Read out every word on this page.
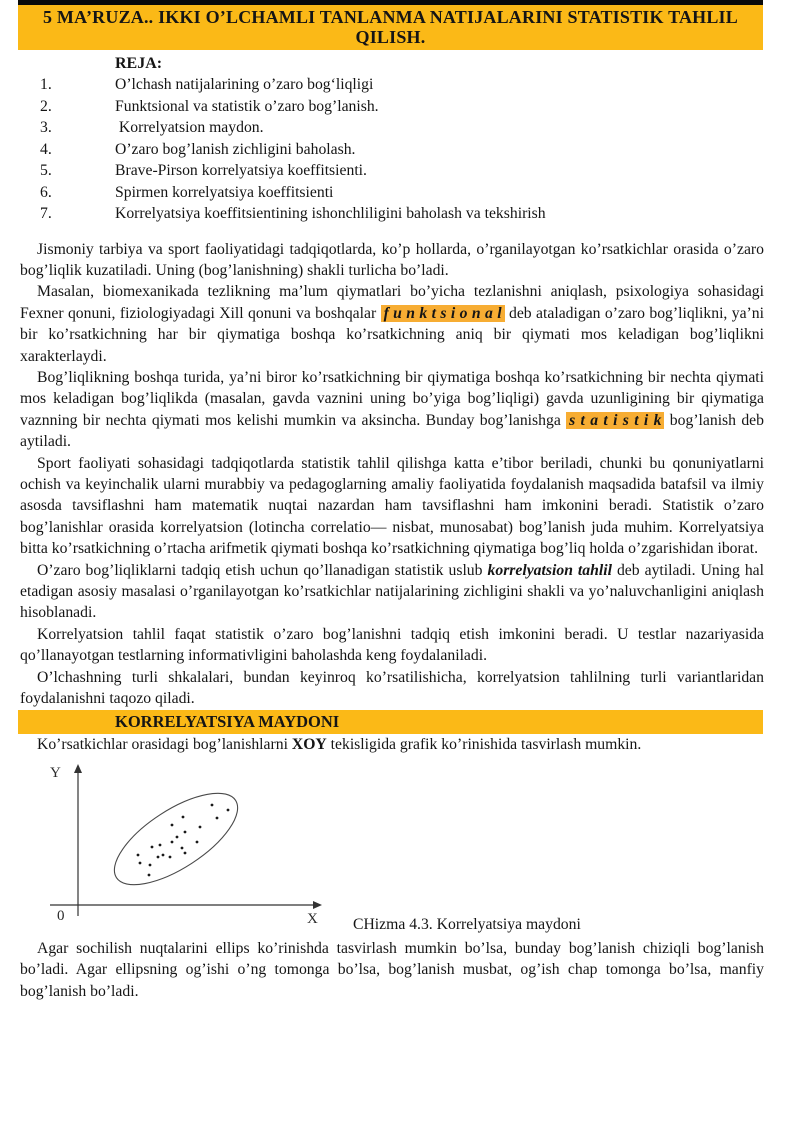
5 MA’RUZA.. IKKI O’LCHAMLI TANLANMA NATIJALARINI STATISTIK TAHLIL QILISH.
REJA:
1.	O’lchash natijalarining o’zaro bog‘liqligi
2.	Funktsional va statistik o’zaro bog’lanish.
3.	Korrelyatsion maydon.
4.	O’zaro bog’lanish zichligini baholash.
5.	Brave-Pirson korrelyatsiya koeffitsienti.
6.	Spirmen korrelyatsiya koeffitsienti
7.	Korrelyatsiya koeffitsientining ishonchliligini baholash va tekshirish

Jismoniy tarbiya va sport faoliyatidagi tadqiqotlarda, ko’p hollarda, o’rganilayotgan ko’rsatkichlar orasida o’zaro bog’liqlik kuzatiladi. Uning (bog’lanishning) shakli turlicha bo’ladi.

Masalan, biomexanikada tezlikning ma’lum qiymatlari bo’yicha tezlanishni aniqlash, psixologiya sohasidagi Fexner qonuni, fiziologiyadagi Xill qonuni va boshqalar f u n k t s i o n a l deb ataladigan o’zaro bog’liqlikni, ya’ni bir ko’rsatkichning har bir qiymatiga boshqa ko’rsatkichning aniq bir qiymati mos keladigan bog’liqlikni xarakterlaydi.

Bog’liqlikning boshqa turida, ya’ni biror ko’rsatkichning bir qiymatiga boshqa ko’rsatkichning bir nechta qiymati mos keladigan bog’liqlikda (masalan, gavda vaznini uning bo’yiga bog’liqligi) gavda uzunligining bir qiymatiga vaznning bir nechta qiymati mos kelishi mumkin va aksincha. Bunday bog’lanishga s t a t i s t i k bog’lanish deb aytiladi.

Sport faoliyati sohasidagi tadqiqotlarda statistik tahlil qilishga katta e’tibor beriladi, chunki bu qonuniyatlarni ochish va keyinchalik ularni murabbiy va pedagoglarning amaliy faoliyatida foydalanish maqsadida batafsil va ilmiy asosda tavsiflashni ham matematik nuqtai nazardan ham tavsiflashni ham imkonini beradi. Statistik o’zaro bog’lanishlar orasida korrelyatsion (lotincha correlatio— nisbat, munosabat) bog’lanish juda muhim. Korrelyatsiya bitta ko’rsatkichning o’rtacha arifmetik qiymati boshqa ko’rsatkichning qiymatiga bog’liq holda o’zgarishidan iborat.

O’zaro bog’liqliklarni tadqiq etish uchun qo’llanadigan statistik uslub korrelyatsion tahlil deb aytiladi. Uning hal etadigan asosiy masalasi o’rganilayotgan ko’rsatkichlar natijalarining zichligini shakli va yo’naluvchanligini aniqlash hisoblanadi.

Korrelyatsion tahlil faqat statistik o’zaro bog’lanishni tadqiq etish imkonini beradi. U testlar nazariyasida qo’llanayotgan testlarning informativligini baholashda keng foydalaniladi.

O’lchashning turli shkalalari, bundan keyinroq ko’rsatilishicha, korrelyatsion tahlilning turli variantlaridan foydalanishni taqozo qiladi.

KORRELYATSIYA MAYDONI

Ko’rsatkichlar orasidagi bog’lanishlarni XOY tekisligida grafik ko’rinishida tasvirlash mumkin.

Y
X
0	CHizma 4.3. Korrelyatsiya maydoni

Agar sochilish nuqtalarini ellips ko’rinishda tasvirlash mumkin bo’lsa, bunday bog’lanish chiziqli bog’lanish bo’ladi. Agar ellipsning og’ishi o’ng tomonga bo’lsa, bog’lanish musbat, og’ish chap tomonga bo’lsa, manfiy bog’lanish bo’ladi.
